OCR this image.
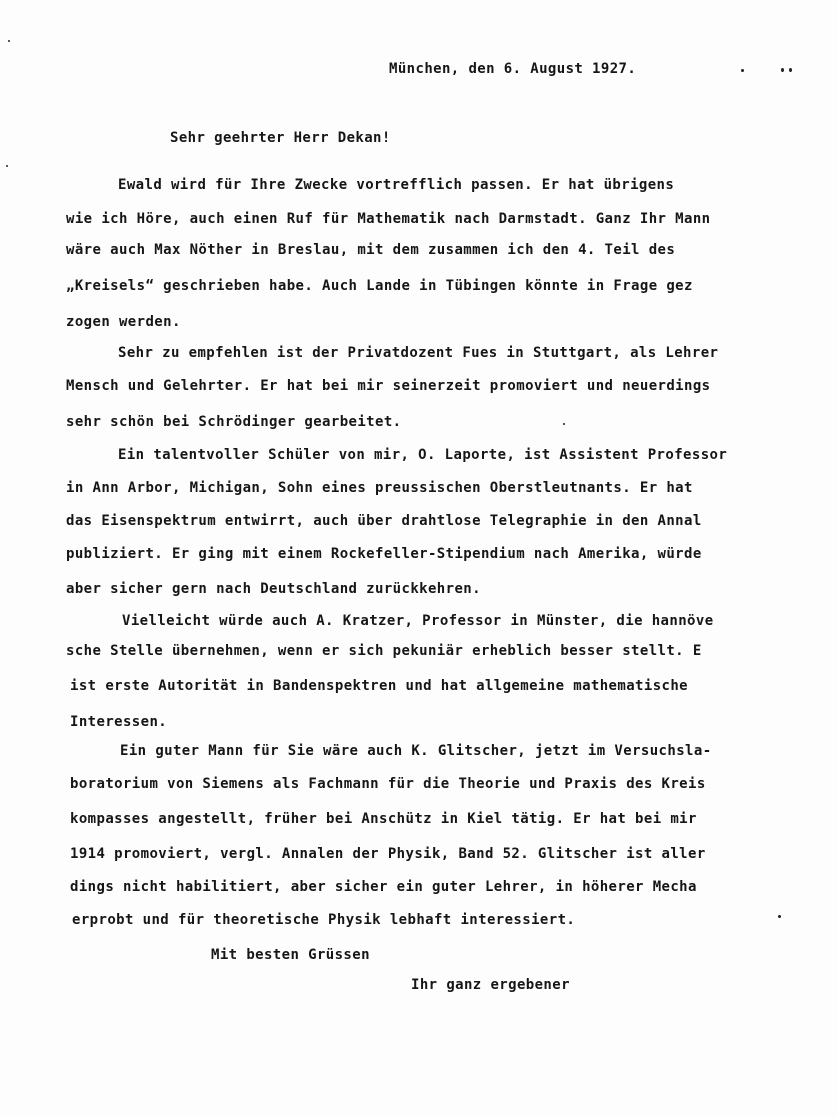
München, den 6. August 1927.
Sehr geehrter Herr Dekan!
Ewald wird für Ihre Zwecke vortrefflich passen. Er hat übrigens
wie ich Höre, auch einen Ruf für Mathematik nach Darmstadt. Ganz Ihr Mann
wäre auch Max Nöther in Breslau, mit dem zusammen ich den 4. Teil des
„Kreisels“ geschrieben habe. Auch Lande in Tübingen könnte in Frage gez
zogen werden.
Sehr zu empfehlen ist der Privatdozent Fues in Stuttgart, als Lehrer
Mensch und Gelehrter. Er hat bei mir seinerzeit promoviert und neuerdings
sehr schön bei Schrödinger gearbeitet.
Ein talentvoller Schüler von mir, O. Laporte, ist Assistent Professor
in Ann Arbor, Michigan, Sohn eines preussischen Oberstleutnants. Er hat
das Eisenspektrum entwirrt, auch über drahtlose Telegraphie in den Annal
publiziert. Er ging mit einem Rockefeller-Stipendium nach Amerika, würde
aber sicher gern nach Deutschland zurückkehren.
Vielleicht würde auch A. Kratzer, Professor in Münster, die hannöve
sche Stelle übernehmen, wenn er sich pekuniär erheblich besser stellt. E
ist erste Autorität in Bandenspektren und hat allgemeine mathematische
Interessen.
Ein guter Mann für Sie wäre auch K. Glitscher, jetzt im Versuchsla-
boratorium von Siemens als Fachmann für die Theorie und Praxis des Kreis
kompasses angestellt, früher bei Anschütz in Kiel tätig. Er hat bei mir
1914 promoviert, vergl. Annalen der Physik, Band 52. Glitscher ist aller
dings nicht habilitiert, aber sicher ein guter Lehrer, in höherer Mecha
erprobt und für theoretische Physik lebhaft interessiert.
Mit besten Grüssen
Ihr ganz ergebener
